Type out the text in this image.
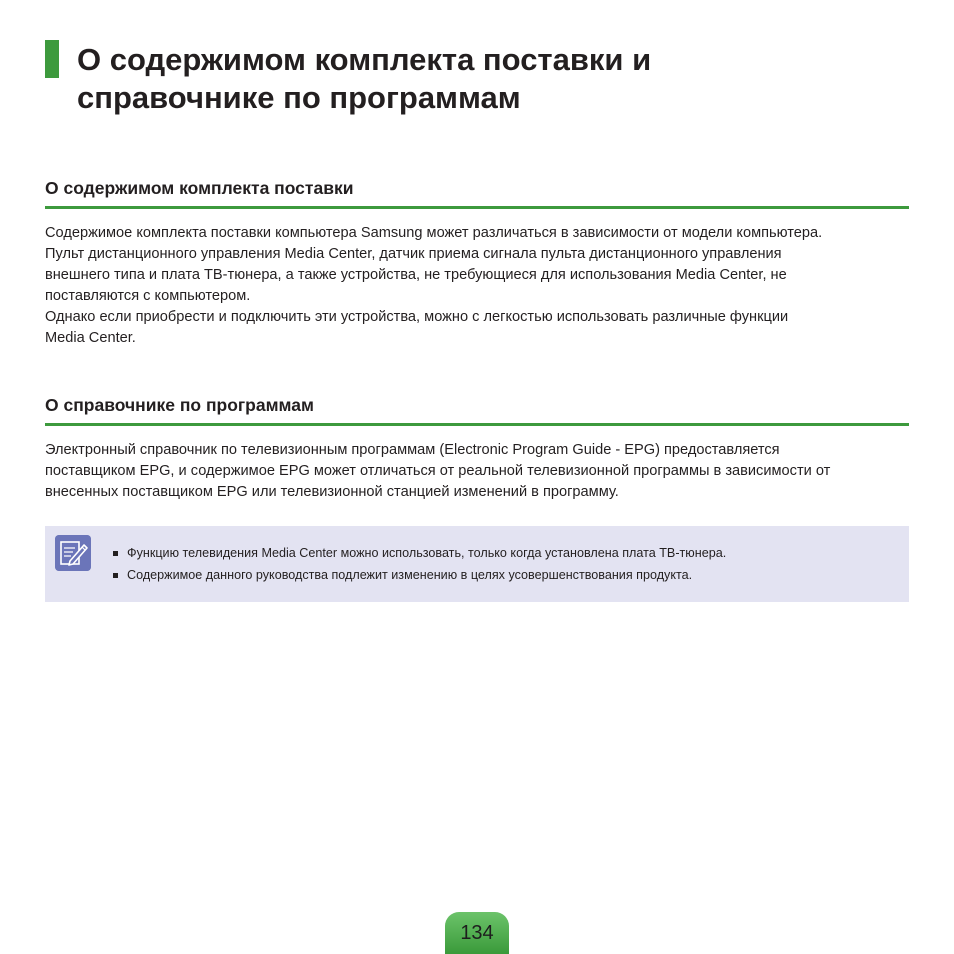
О содержимом комплекта поставки и
справочнике по программам
О содержимом комплекта поставки

Содержимое комплекта поставки компьютера Samsung может различаться в зависимости от модели компьютера.

Пульт дистанционного управления Media Center, датчик приема сигнала пульта дистанционного управления

внешнего типа и плата ТВ-тюнера, а также устройства, не требующиеся для использования Media Center, не

поставляются с компьютером.

Однако если приобрести и подключить эти устройства, можно с легкостью использовать различные функции

Media Center.

О справочнике по программам

Электронный справочник по телевизионным программам (Electronic Program Guide - EPG) предоставляется

поставщиком EPG, и содержимое EPG может отличаться от реальной телевизионной программы в зависимости от

внесенных поставщиком EPG или телевизионной станцией изменений в программу.

Функцию телевидения Media Center можно использовать, только когда установлена плата ТВ-тюнера.
Содержимое данного руководства подлежит изменению в целях усовершенствования продукта.
134
